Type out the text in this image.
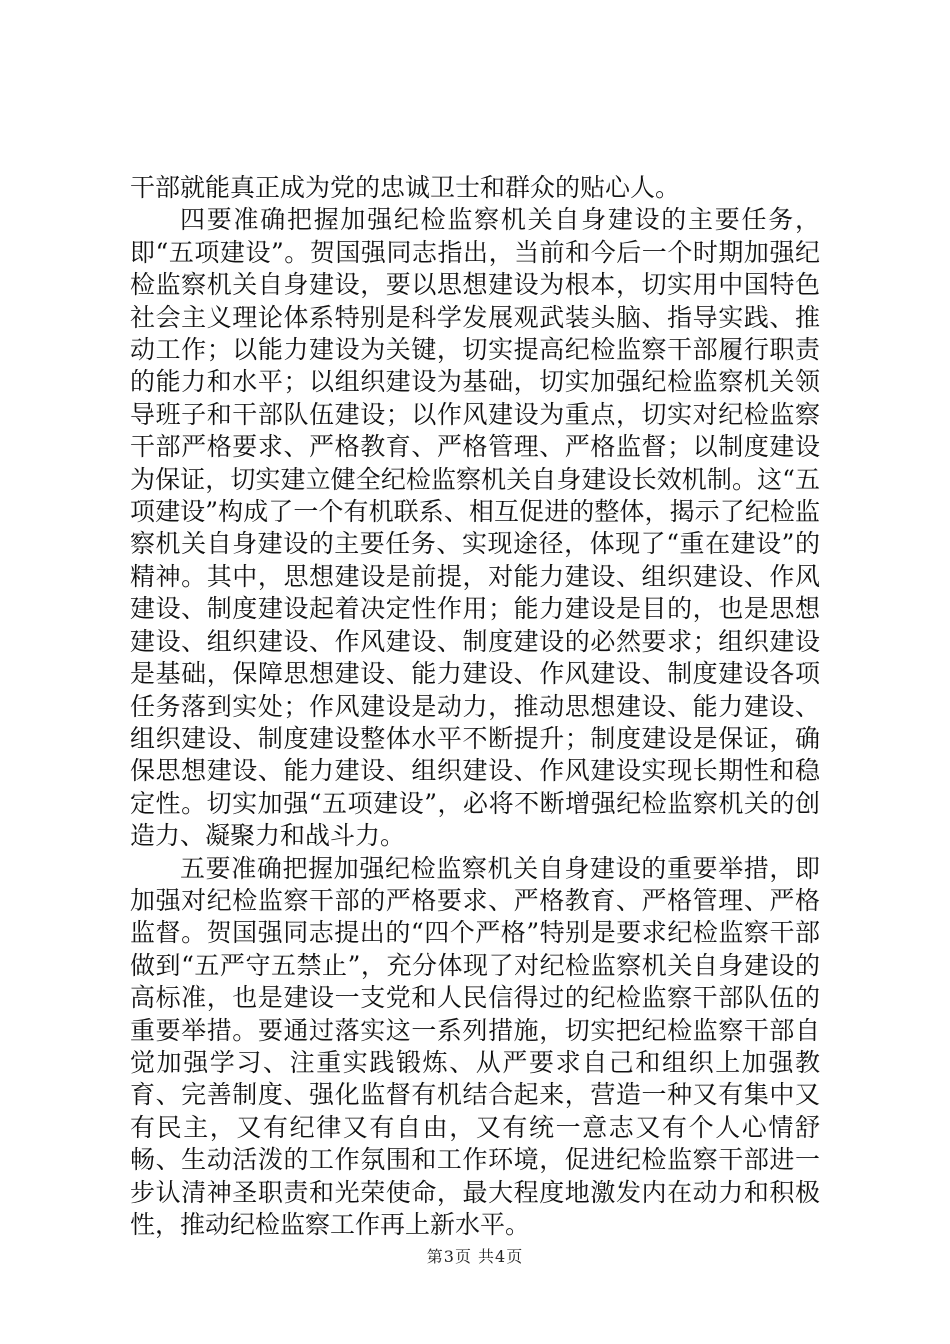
干部就能真正成为党的忠诚卫士和群众的贴心人。

四要准确把握加强纪检监察机关自身建设的主要任务，即“五项建设”。贺国强同志指出，当前和今后一个时期加强纪检监察机关自身建设，要以思想建设为根本，切实用中国特色社会主义理论体系特别是科学发展观武装头脑、指导实践、推动工作；以能力建设为关键，切实提高纪检监察干部履行职责的能力和水平；以组织建设为基础，切实加强纪检监察机关领导班子和干部队伍建设；以作风建设为重点，切实对纪检监察干部严格要求、严格教育、严格管理、严格监督；以制度建设为保证，切实建立健全纪检监察机关自身建设长效机制。这“五项建设”构成了一个有机联系、相互促进的整体，揭示了纪检监察机关自身建设的主要任务、实现途径，体现了“重在建设”的精神。其中，思想建设是前提，对能力建设、组织建设、作风建设、制度建设起着决定性作用；能力建设是目的，也是思想建设、组织建设、作风建设、制度建设的必然要求；组织建设是基础，保障思想建设、能力建设、作风建设、制度建设各项任务落到实处；作风建设是动力，推动思想建设、能力建设、组织建设、制度建设整体水平不断提升；制度建设是保证，确保思想建设、能力建设、组织建设、作风建设实现长期性和稳定性。切实加强“五项建设”，必将不断增强纪检监察机关的创造力、凝聚力和战斗力。

五要准确把握加强纪检监察机关自身建设的重要举措，即加强对纪检监察干部的严格要求、严格教育、严格管理、严格监督。贺国强同志提出的“四个严格”特别是要求纪检监察干部做到“五严守五禁止”，充分体现了对纪检监察机关自身建设的高标准，也是建设一支党和人民信得过的纪检监察干部队伍的重要举措。要通过落实这一系列措施，切实把纪检监察干部自觉加强学习、注重实践锻炼、从严要求自己和组织上加强教育、完善制度、强化监督有机结合起来，营造一种又有集中又有民主，又有纪律又有自由，又有统一意志又有个人心情舒畅、生动活泼的工作氛围和工作环境，促进纪检监察干部进一步认清神圣职责和光荣使命，最大程度地激发内在动力和积极性，推动纪检监察工作再上新水平。

第3页 共4页
